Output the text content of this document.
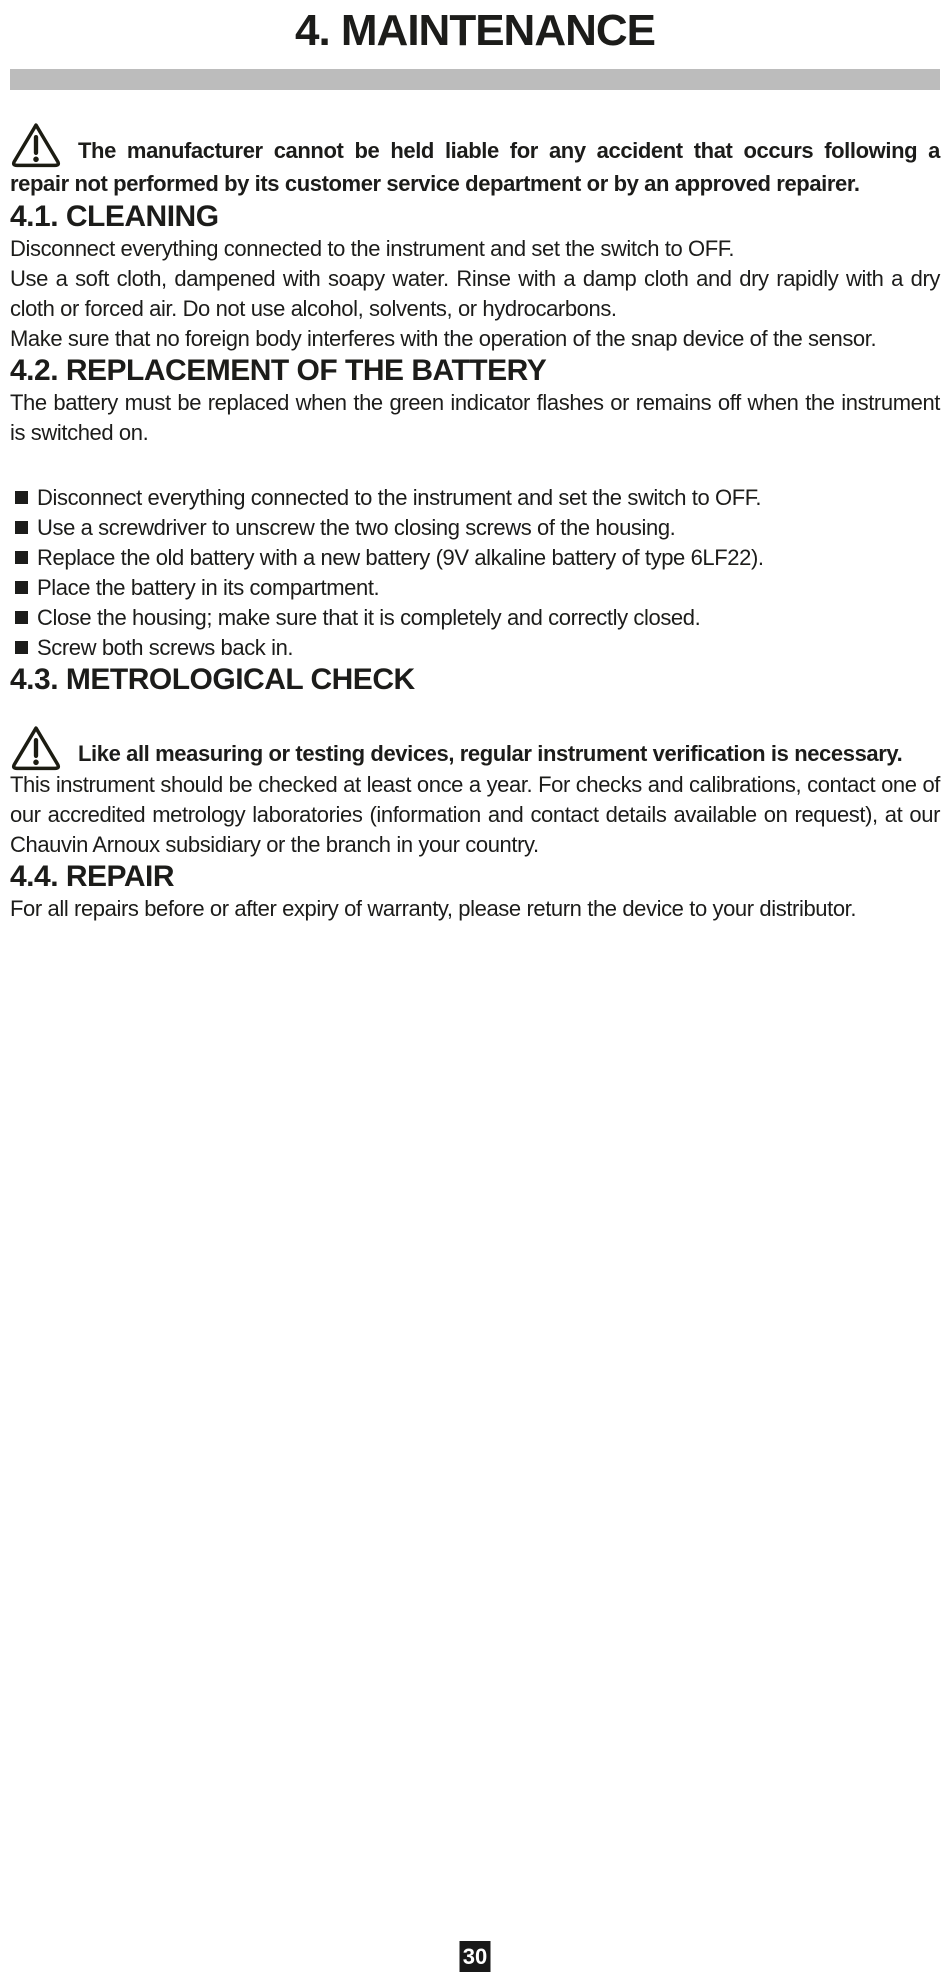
4. MAINTENANCE

The manufacturer cannot be held liable for any accident that occurs following a repair not performed by its customer service department or by an approved repairer.

4.1. CLEANING

Disconnect everything connected to the instrument and set the switch to OFF.

Use a soft cloth, dampened with soapy water. Rinse with a damp cloth and dry rapidly with a dry cloth or forced air. Do not use alcohol, solvents, or hydrocarbons.

Make sure that no foreign body interferes with the operation of the snap device of the sensor.

4.2. REPLACEMENT OF THE BATTERY

The battery must be replaced when the green indicator flashes or remains off when the instrument is switched on.

Disconnect everything connected to the instrument and set the switch to OFF.
Use a screwdriver to unscrew the two closing screws of the housing.
Replace the old battery with a new battery (9V alkaline battery of type 6LF22).
Place the battery in its compartment.
Close the housing; make sure that it is completely and correctly closed.
Screw both screws back in.
4.3. METROLOGICAL CHECK

Like all measuring or testing devices, regular instrument verification is necessary.

This instrument should be checked at least once a year. For checks and calibrations, contact one of our accredited metrology laboratories (information and contact details available on request), at our Chauvin Arnoux subsidiary or the branch in your country.

4.4. REPAIR

For all repairs before or after expiry of warranty, please return the device to your distributor.

30
